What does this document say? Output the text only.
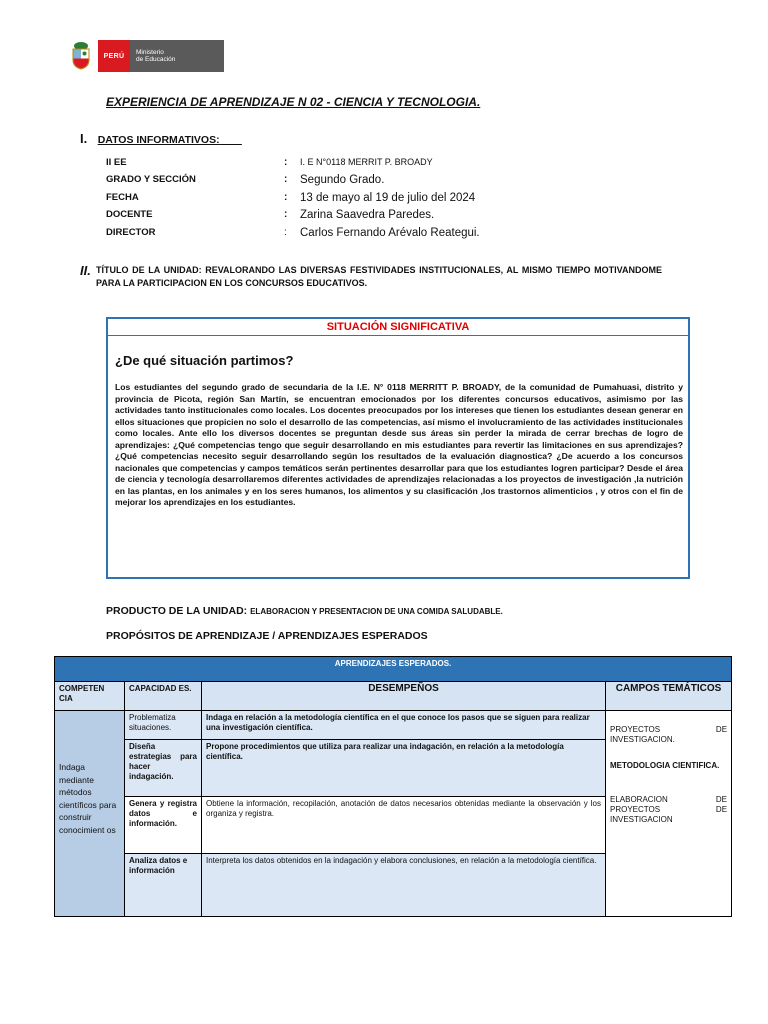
PERÚ	Ministerio
de Educación
EXPERIENCIA DE APRENDIZAJE N 02 - CIENCIA Y TECNOLOGIA.
I. DATOS INFORMATIVOS:
II EE	:	I. E N°0118 MERRIT P. BROADY
GRADO Y SECCIÓN	:	Segundo Grado.
FECHA	:	13 de mayo al 19 de julio del 2024
DOCENTE	:	Zarina Saavedra Paredes.
DIRECTOR	:	Carlos Fernando Arévalo Reategui.
II. TÍTULO DE LA UNIDAD: REVALORANDO LAS DIVERSAS FESTIVIDADES INSTITUCIONALES, AL MISMO TIEMPO MOTIVANDOME PARA LA PARTICIPACION EN LOS CONCURSOS EDUCATIVOS.
SITUACIÓN SIGNIFICATIVA
¿De qué situación partimos?
Los estudiantes del segundo grado de secundaria de la I.E. N° 0118 MERRITT P. BROADY, de la comunidad de Pumahuasi, distrito y provincia de Picota, región San Martín, se encuentran emocionados por los diferentes concursos educativos, asimismo por las actividades tanto institucionales como locales. Los docentes preocupados por los intereses que tienen los estudiantes desean generar en ellos situaciones que propicien no solo el desarrollo de las competencias, así mismo el involucramiento de las actividades institucionales como locales. Ante ello los diversos docentes se preguntan desde sus áreas sin perder la mirada de cerrar brechas de logro de aprendizajes: ¿Qué competencias tengo que seguir desarrollando en mis estudiantes para revertir las limitaciones en sus aprendizajes? ¿Qué competencias necesito seguir desarrollando según los resultados de la evaluación diagnostica? ¿De acuerdo a los concursos nacionales que competencias y campos temáticos serán pertinentes desarrollar para que los estudiantes logren participar? Desde el área de ciencia y tecnología desarrollaremos diferentes actividades de aprendizajes relacionadas a los proyectos de investigación ,la nutrición en las plantas, en los animales y en los seres humanos, los alimentos y su clasificación ,los trastornos alimenticios , y otros con el fin de mejorar los aprendizajes en los estudiantes.
PRODUCTO DE LA UNIDAD: ELABORACION Y PRESENTACION DE UNA COMIDA SALUDABLE.
PROPÓSITOS DE APRENDIZAJE / APRENDIZAJES ESPERADOS
APRENDIZAJES ESPERADOS.			
COMPETEN CIA	CAPACIDAD ES.	DESEMPEÑOS	CAMPOS TEMÁTICOS
Indaga mediante métodos científicos para construir conocimient os	Problematiza situaciones.	Indaga en relación a la metodología científica en el que conoce los pasos que se siguen para realizar una investigación científica.	PROYECTOS DE INVESTIGACION.
METODOLOGIA CIENTIFICA.
ELABORACION DE PROYECTOS DE INVESTIGACION

	Diseña estrategias para hacer indagación.	Propone procedimientos que utiliza para realizar una indagación, en relación a la metodología científica.	
	Genera y registra datos e información.	Obtiene la información, recopilación, anotación de datos necesarios obtenidas mediante la observación y los organiza y registra.	
	Analiza datos e información	Interpreta los datos obtenidos en la indagación y elabora conclusiones, en relación a la metodología científica.	
